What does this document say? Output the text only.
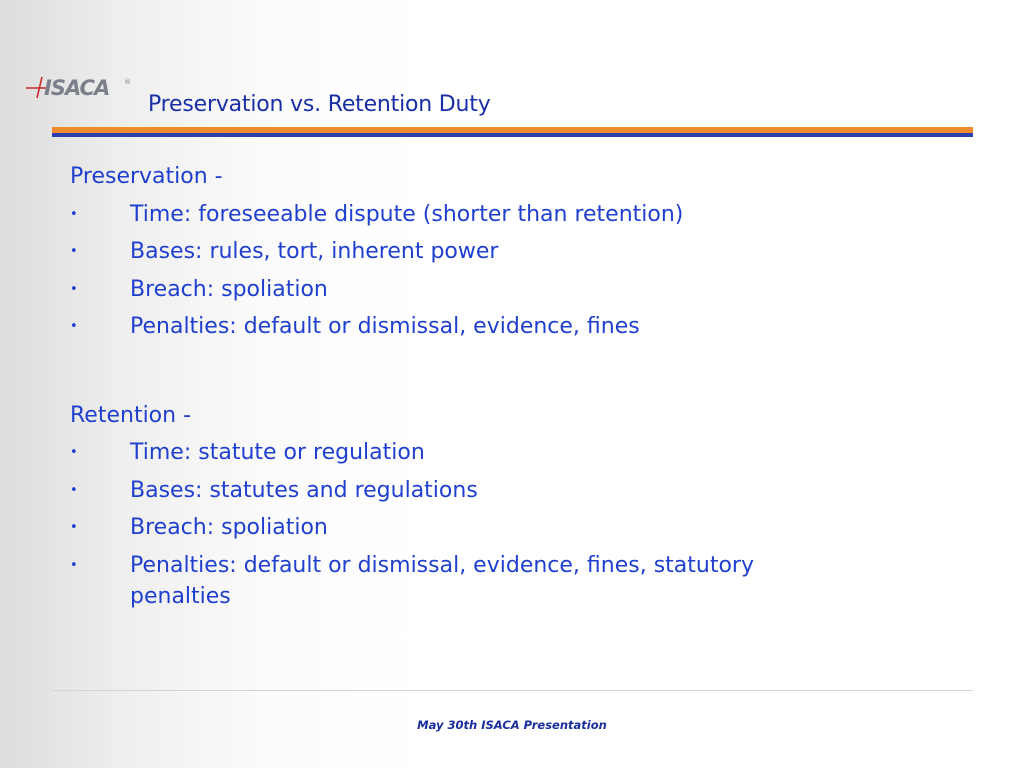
ISACA ®
Preservation vs. Retention Duty
Preservation -
• Time: foreseeable dispute (shorter than retention)
• Bases: rules, tort, inherent power
• Breach: spoliation
• Penalties: default or dismissal, evidence, fines
Retention -
• Time: statute or regulation
• Bases: statutes and regulations
• Breach: spoliation
• Penalties: default or dismissal, evidence, fines, statutory penalties
May 30th ISACA Presentation
